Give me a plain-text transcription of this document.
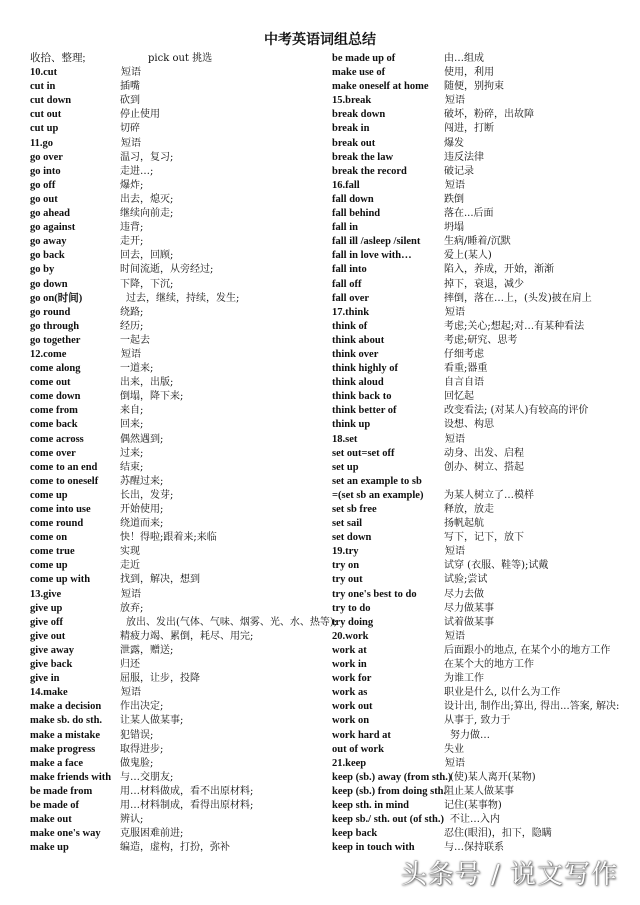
中考英语词组总结
收拾、整理;	pick out 挑选
10.cut	短语
cut in	插嘴
cut down	砍到
cut out	停止使用
cut up	切碎
11.go	短语
go over	温习，复习;
go into	走进…;
go off	爆炸;
go out	出去，熄灭;
go ahead	继续向前走;
go against	违背;
go away	走开;
go back	回去，回顾;
go by	时间流逝，从旁经过;
go down	下降，下沉;
go on(时间)	过去，继续，持续，发生;
go round	绕路;
go through	经历;
go together	一起去
12.come	短语
come along	一道来;
come out	出来，出版;
come down	倒塌，降下来;
come from	来自;
come back	回来;
come across	偶然遇到;
come over	过来;
come to an end 结束;
come to oneself 苏醒过来;
come up	长出，发芽;
come into use	开始使用;
come round	绕道而来;
come on	快！得啦;跟着来;来临
come true	实现
come up	走近
come up with	找到，解决，想到
13.give	短语
give up	放弃;
give off	放出、发出(气体、气味、烟雾、光、水、热等);
give out	精疲力竭、累倒，耗尽、用完;
give away	泄露，赠送;
give back	归还
give in	屈服，让步，投降
14.make	短语
make a decision 作出决定;
make sb. do sth. 让某人做某事;
make a mistake 犯错误;
make progress 取得进步;
make a face	做鬼脸;
make friends with 与…交朋友;
be made from	用…材料做成，看不出原材料;
be made of	用…材料制成，看得出原材料;
make out	辨认;
make one's way 克服困难前进;
make up	编造，虚构，打扮，弥补
be made up of	由…组成
make use of	使用，利用
make oneself at home 随便，别拘束
15.break	短语
break down	破坏，粉碎，出故障
break in	闯进，打断
break out	爆发
break the law	违反法律
break the record	破记录
16.fall	短语
fall down	跌倒
fall behind	落在...后面
fall in	坍塌
fall ill /asleep /silent 生病/睡着/沉默
fall in love with…	爱上(某人)
fall into	陷入，养成，开始，渐渐
fall off	掉下，衰退，减少
fall over	摔倒，落在…上，(头发)披在肩上
17.think	短语
think of	考虑;关心;想起;对…有某种看法
think about	考虑;研究、思考
think over	仔细考虑
think highly of	看重;器重
think aloud	自言自语
think back to	回忆起
think better of	改变看法; (对某人)有较高的评价
think up	设想、构思
18.set	短语
set out=set off	动身、出发、启程
set up	创办、树立、搭起
set an example to sb
=(set sb an example) 为某人树立了…模样
set sb free	释放，放走
set sail	扬帆起航
set down	写下，记下，放下
19.try	短语
try on	试穿 (衣服、鞋等);试戴
try out	试验;尝试
try one's best to do	尽力去做
try to do	尽力做某事
try doing	试着做某事
20.work	短语
work at	后面跟小的地点, 在某个小的地方工作
work in	在某个大的地方工作
work for	为谁工作
work as	职业是什么, 以什么为工作
work out	设计出, 制作出;算出, 得出...答案, 解决:
work on	从事于, 致力于
work hard at	努力做…
out of work	失业
21.keep	短语
keep (sb.) away (from sth.)(使)某人离开(某物)
keep (sb.) from doing sth.阻止某人做某事
keep sth. in mind	记住(某事物)
keep sb./ sth. out (of sth.) 不让…入内
keep back	忍住(眼泪)，扣下，隐瞒
keep in touch with	与…保持联系
头条号 / 说文写作
